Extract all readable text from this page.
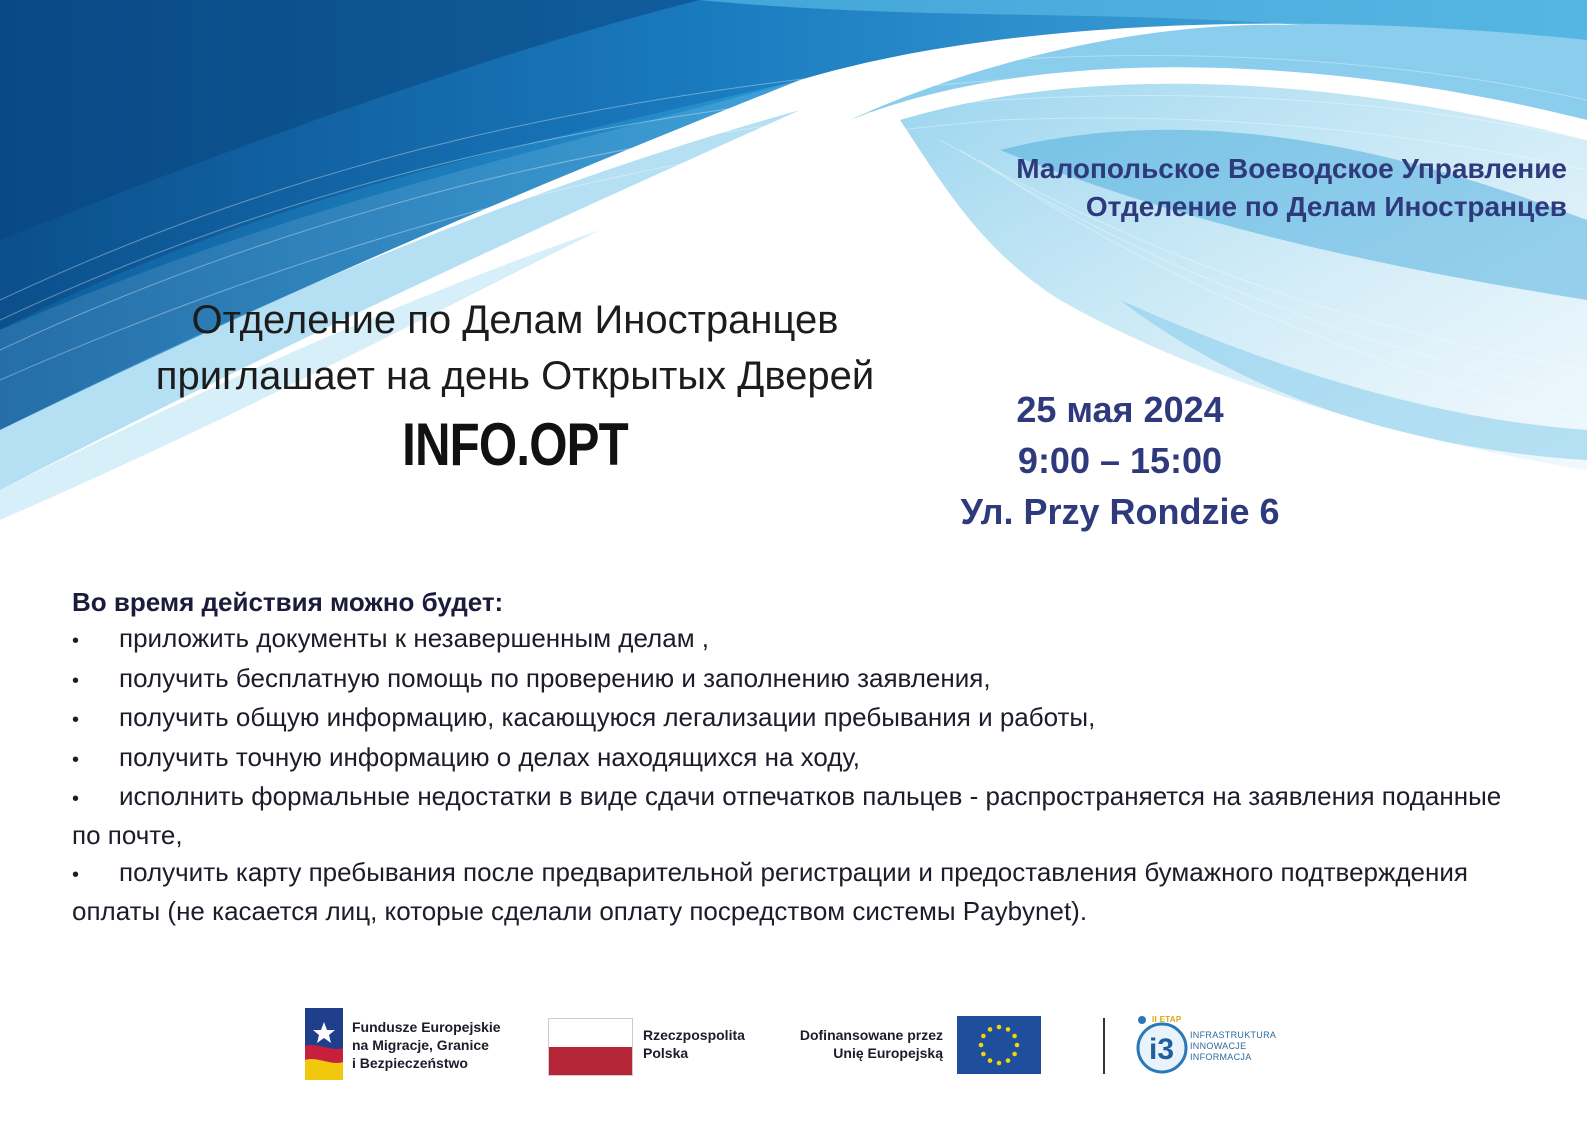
Малопольское Воеводское Управление
Отделение по Делам Иностранцев
Отделение по Делам Иностранцев
приглашает на день Открытых Дверей
INFO.OPT
25 мая 2024
9:00 – 15:00
Ул. Przy Rondzie 6
Во время действия можно будет:
• приложить документы к незавершенным делам ,
• получить бесплатную помощь по проверению и заполнению заявления,
• получить общую информацию, касающуюся легализации пребывания и работы,
• получить точную информацию о делах находящихся на ходу,
• исполнить формальные недостатки в виде сдачи отпечатков пальцев - распространяется на заявления поданные по почте,
• получить карту пребывания после предварительной регистрации и предоставления бумажного подтверждения оплаты (не касается лиц, которые сделали оплату посредством системы Paybynet).
Fundusze Europejskie
na Migracje, Granice
i Bezpieczeństwo
Rzeczpospolita
Polska
Dofinansowane przez
Unię Europejską	i3
II ETAP
INFRASTRUKTURA
INNOWACJE
INFORMACJA
